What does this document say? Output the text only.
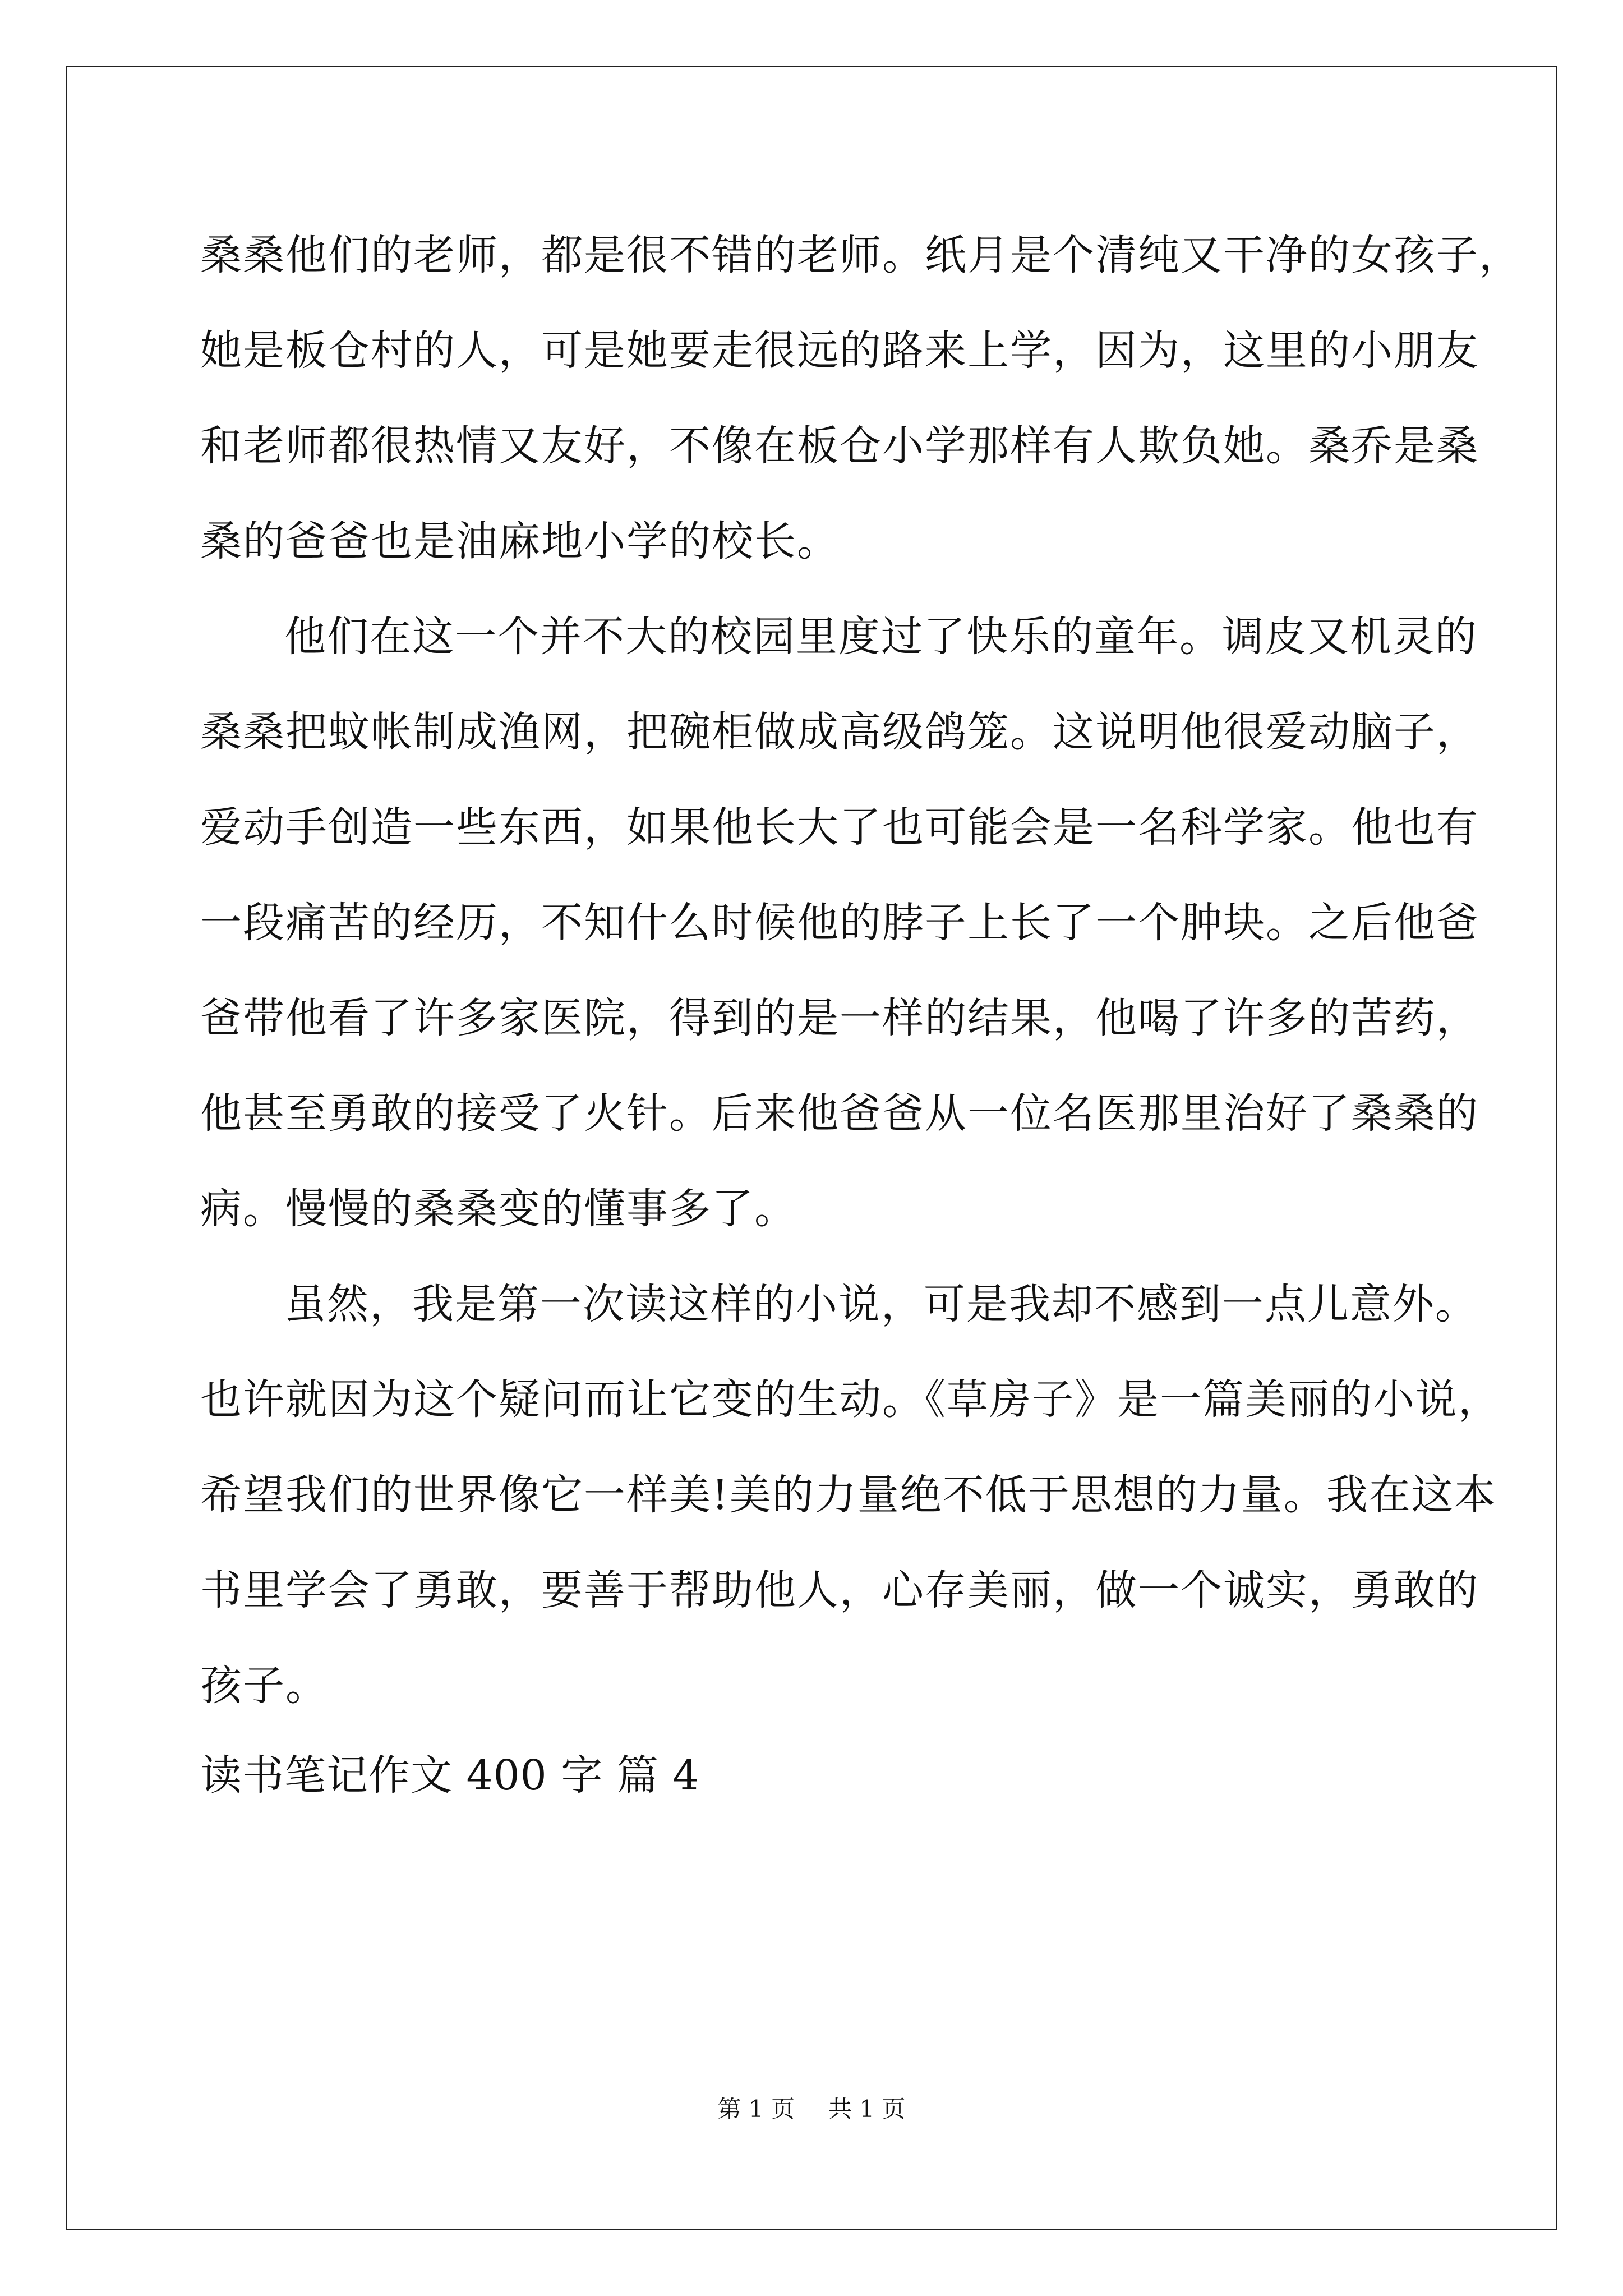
桑桑他们的老师，都是很不错的老师。纸月是个清纯又干净的女孩子，
她是板仓村的人，可是她要走很远的路来上学，因为，这里的小朋友
和老师都很热情又友好，不像在板仓小学那样有人欺负她。桑乔是桑
桑的爸爸也是油麻地小学的校长。
他们在这一个并不大的校园里度过了快乐的童年。调皮又机灵的
桑桑把蚊帐制成渔网，把碗柜做成高级鸽笼。这说明他很爱动脑子，
爱动手创造一些东西，如果他长大了也可能会是一名科学家。他也有
一段痛苦的经历，不知什么时候他的脖子上长了一个肿块。之后他爸
爸带他看了许多家医院，得到的是一样的结果，他喝了许多的苦药，
他甚至勇敢的接受了火针。后来他爸爸从一位名医那里治好了桑桑的
病。慢慢的桑桑变的懂事多了。
虽然，我是第一次读这样的小说，可是我却不感到一点儿意外。
也许就因为这个疑问而让它变的生动。《草房子》是一篇美丽的小说，
希望我们的世界像它一样美!美的力量绝不低于思想的力量。我在这本
书里学会了勇敢，要善于帮助他人，心存美丽，做一个诚实，勇敢的
孩子。
读书笔记作文 400 字 篇 4
第 1 页 共 1 页
